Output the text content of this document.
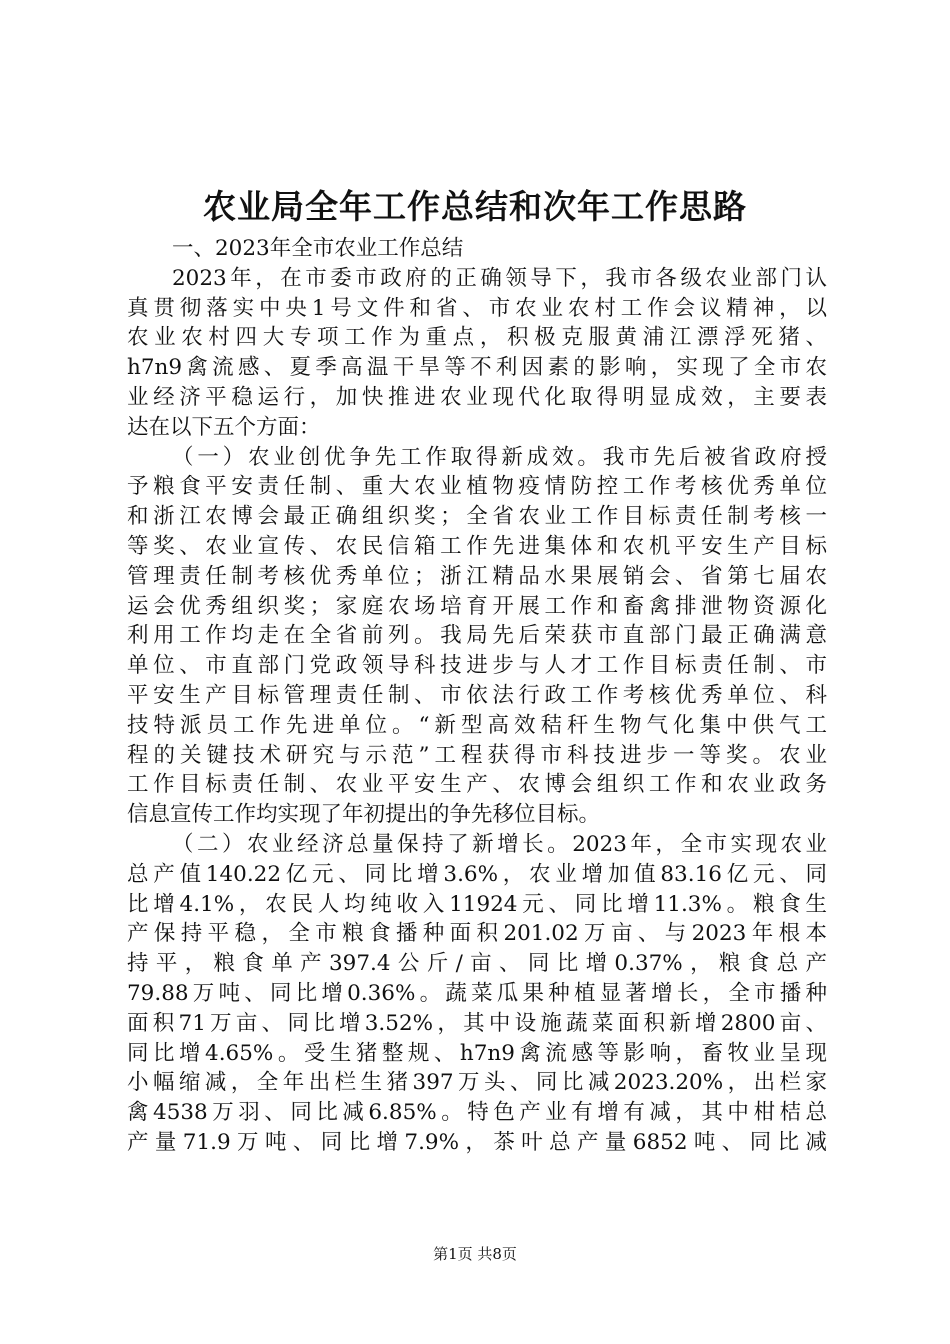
农业局全年工作总结和次年工作思路

一、2023年全市农业工作总结

2023年，在市委市政府的正确领导下，我市各级农业部门认

真贯彻落实中央1号文件和省、市农业农村工作会议精神，以

农业农村四大专项工作为重点，积极克服黄浦江漂浮死猪、

h7n9禽流感、夏季高温干旱等不利因素的影响，实现了全市农

业经济平稳运行，加快推进农业现代化取得明显成效，主要表

达在以下五个方面：

（一）农业创优争先工作取得新成效。我市先后被省政府授

予粮食平安责任制、重大农业植物疫情防控工作考核优秀单位

和浙江农博会最正确组织奖；全省农业工作目标责任制考核一

等奖、农业宣传、农民信箱工作先进集体和农机平安生产目标

管理责任制考核优秀单位；浙江精品水果展销会、省第七届农

运会优秀组织奖；家庭农场培育开展工作和畜禽排泄物资源化

利用工作均走在全省前列。我局先后荣获市直部门最正确满意

单位、市直部门党政领导科技进步与人才工作目标责任制、市

平安生产目标管理责任制、市依法行政工作考核优秀单位、科

技特派员工作先进单位。“新型高效秸秆生物气化集中供气工

程的关键技术研究与示范”工程获得市科技进步一等奖。农业

工作目标责任制、农业平安生产、农博会组织工作和农业政务

信息宣传工作均实现了年初提出的争先移位目标。

（二）农业经济总量保持了新增长。2023年，全市实现农业

总产值140.22亿元、同比增3.6%，农业增加值83.16亿元、同

比增4.1%，农民人均纯收入11924元、同比增11.3%。粮食生

产保持平稳，全市粮食播种面积201.02万亩、与2023年根本

持平，粮食单产397.4公斤/亩、同比增0.37%，粮食总产

79.88万吨、同比增0.36%。蔬菜瓜果种植显著增长，全市播种

面积71万亩、同比增3.52%，其中设施蔬菜面积新增2800亩、

同比增4.65%。受生猪整规、h7n9禽流感等影响，畜牧业呈现

小幅缩减，全年出栏生猪397万头、同比减2023.20%，出栏家

禽4538万羽、同比减6.85%。特色产业有增有减，其中柑桔总

产量71.9万吨、同比增7.9%，茶叶总产量6852吨、同比减

第1页 共8页
